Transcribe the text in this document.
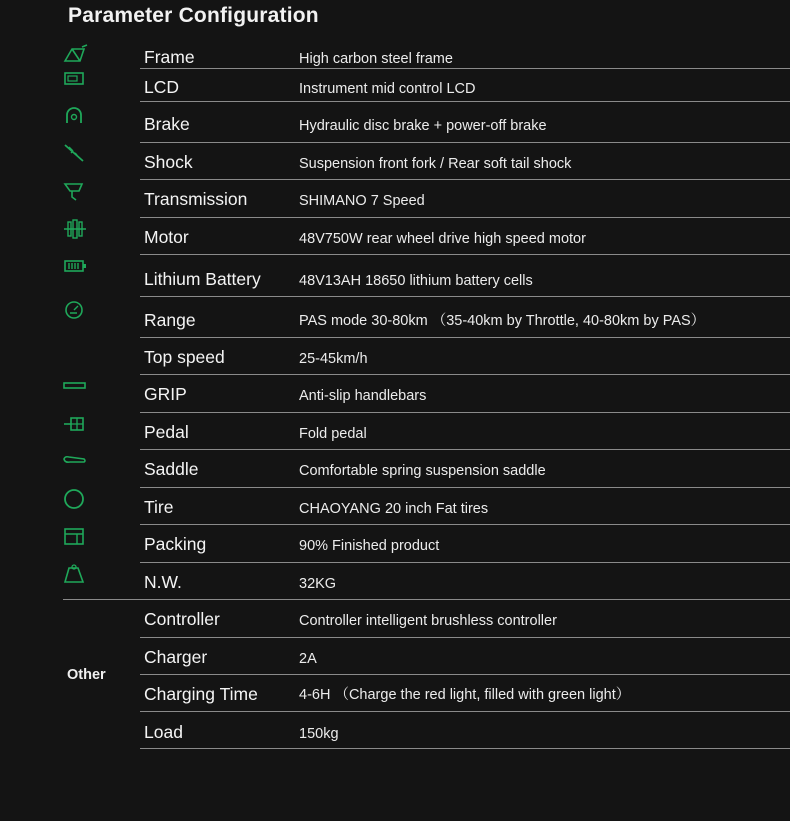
Parameter Configuration
Frame	High carbon steel frame
LCD	Instrument mid control LCD
Brake	Hydraulic disc brake + power-off brake
Shock	Suspension front fork / Rear soft tail shock
Transmission	SHIMANO 7 Speed
Motor	48V750W rear wheel drive high speed motor
Lithium Battery	48V13AH 18650 lithium battery cells
Range	PAS mode 30-80km （35-40km by Throttle, 40-80km by PAS）
Top speed	25-45km/h
GRIP	Anti-slip handlebars
Pedal	Fold pedal
Saddle	Comfortable spring suspension saddle
Tire	CHAOYANG 20 inch Fat tires
Packing	90% Finished product
N.W.	32KG
Controller	Controller intelligent brushless controller
Charger	2A
Charging Time	4-6H （Charge the red light, filled with green light）
Load	150kg
Other
